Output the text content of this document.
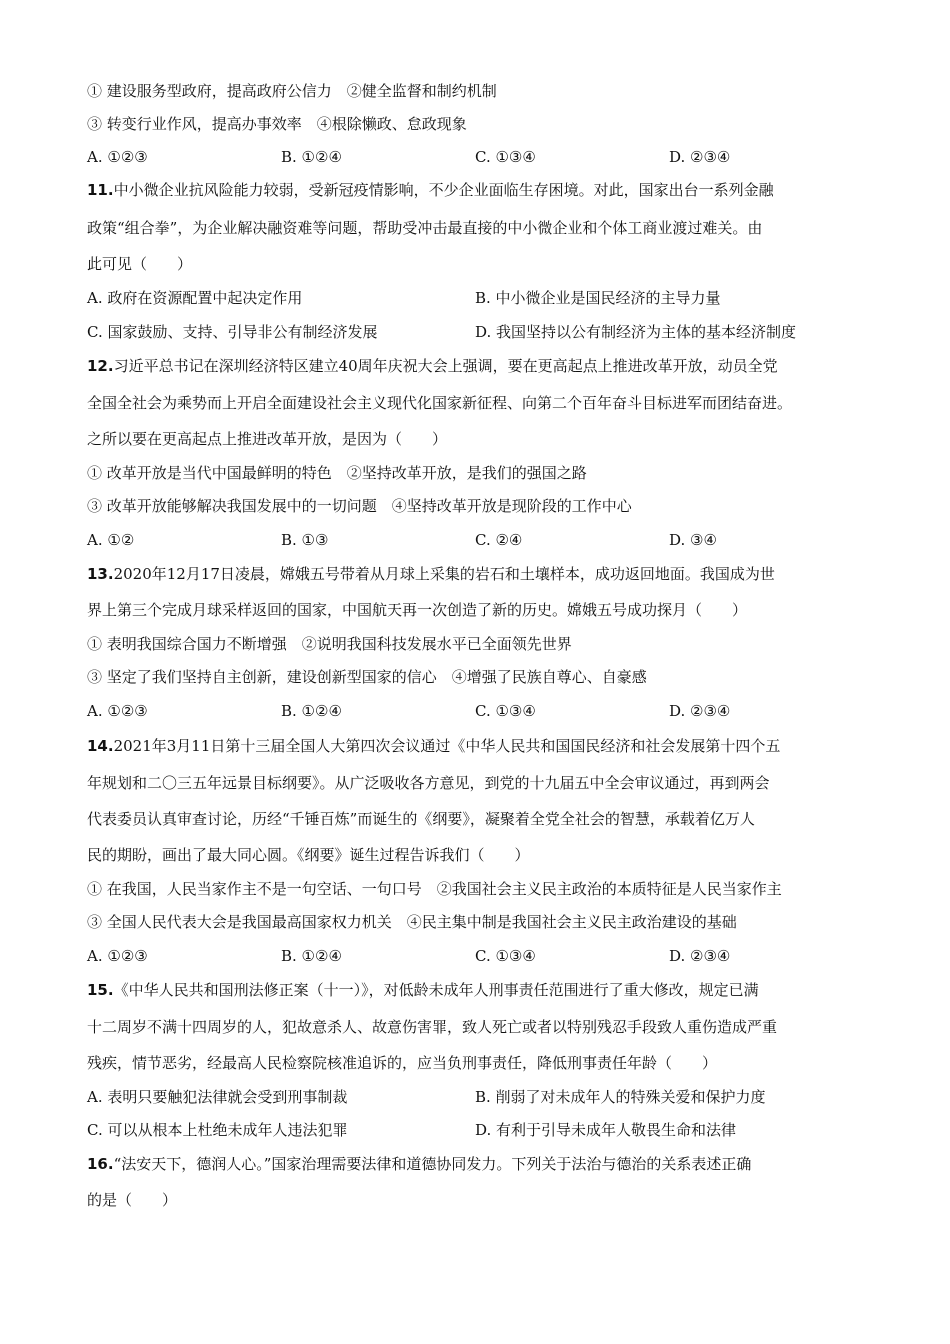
① 建设服务型政府，提高政府公信力　②健全监督和制约机制
③ 转变行业作风，提高办事效率　④根除懒政、怠政现象
A. ①②③	B. ①②④	C. ①③④	D. ②③④
11.中小微企业抗风险能力较弱，受新冠疫情影响，不少企业面临生存困境。对此，国家出台一系列金融
政策“组合拳”，为企业解决融资难等问题，帮助受冲击最直接的中小微企业和个体工商业渡过难关。由
此可见（　　）
A. 政府在资源配置中起决定作用	B. 中小微企业是国民经济的主导力量
C. 国家鼓励、支持、引导非公有制经济发展	D. 我国坚持以公有制经济为主体的基本经济制度
12.习近平总书记在深圳经济特区建立40周年庆祝大会上强调，要在更高起点上推进改革开放，动员全党
全国全社会为乘势而上开启全面建设社会主义现代化国家新征程、向第二个百年奋斗目标进军而团结奋进。
之所以要在更高起点上推进改革开放，是因为（　　）
① 改革开放是当代中国最鲜明的特色　②坚持改革开放，是我们的强国之路
③ 改革开放能够解决我国发展中的一切问题　④坚持改革开放是现阶段的工作中心
A. ①②	B. ①③	C. ②④	D. ③④
13.2020年12月17日凌晨，嫦娥五号带着从月球上采集的岩石和土壤样本，成功返回地面。我国成为世
界上第三个完成月球采样返回的国家，中国航天再一次创造了新的历史。嫦娥五号成功探月（　　）
① 表明我国综合国力不断增强　②说明我国科技发展水平已全面领先世界
③ 坚定了我们坚持自主创新，建设创新型国家的信心　④增强了民族自尊心、自豪感
A. ①②③	B. ①②④	C. ①③④	D. ②③④
14.2021年3月11日第十三届全国人大第四次会议通过《中华人民共和国国民经济和社会发展第十四个五
年规划和二〇三五年远景目标纲要》。从广泛吸收各方意见，到党的十九届五中全会审议通过，再到两会
代表委员认真审查讨论，历经“千锤百炼”而诞生的《纲要》，凝聚着全党全社会的智慧，承载着亿万人
民的期盼，画出了最大同心圆。《纲要》诞生过程告诉我们（　　）
① 在我国，人民当家作主不是一句空话、一句口号　②我国社会主义民主政治的本质特征是人民当家作主
③ 全国人民代表大会是我国最高国家权力机关　④民主集中制是我国社会主义民主政治建设的基础
A. ①②③	B. ①②④	C. ①③④	D. ②③④
15.《中华人民共和国刑法修正案（十一）》，对低龄未成年人刑事责任范围进行了重大修改，规定已满
十二周岁不满十四周岁的人，犯故意杀人、故意伤害罪，致人死亡或者以特别残忍手段致人重伤造成严重
残疾，情节恶劣，经最高人民检察院核准追诉的，应当负刑事责任，降低刑事责任年龄（　　）
A. 表明只要触犯法律就会受到刑事制裁	B. 削弱了对未成年人的特殊关爱和保护力度
C. 可以从根本上杜绝未成年人违法犯罪	D. 有利于引导未成年人敬畏生命和法律
16.“法安天下，德润人心。”国家治理需要法律和道德协同发力。下列关于法治与德治的关系表述正确
的是（　　）
